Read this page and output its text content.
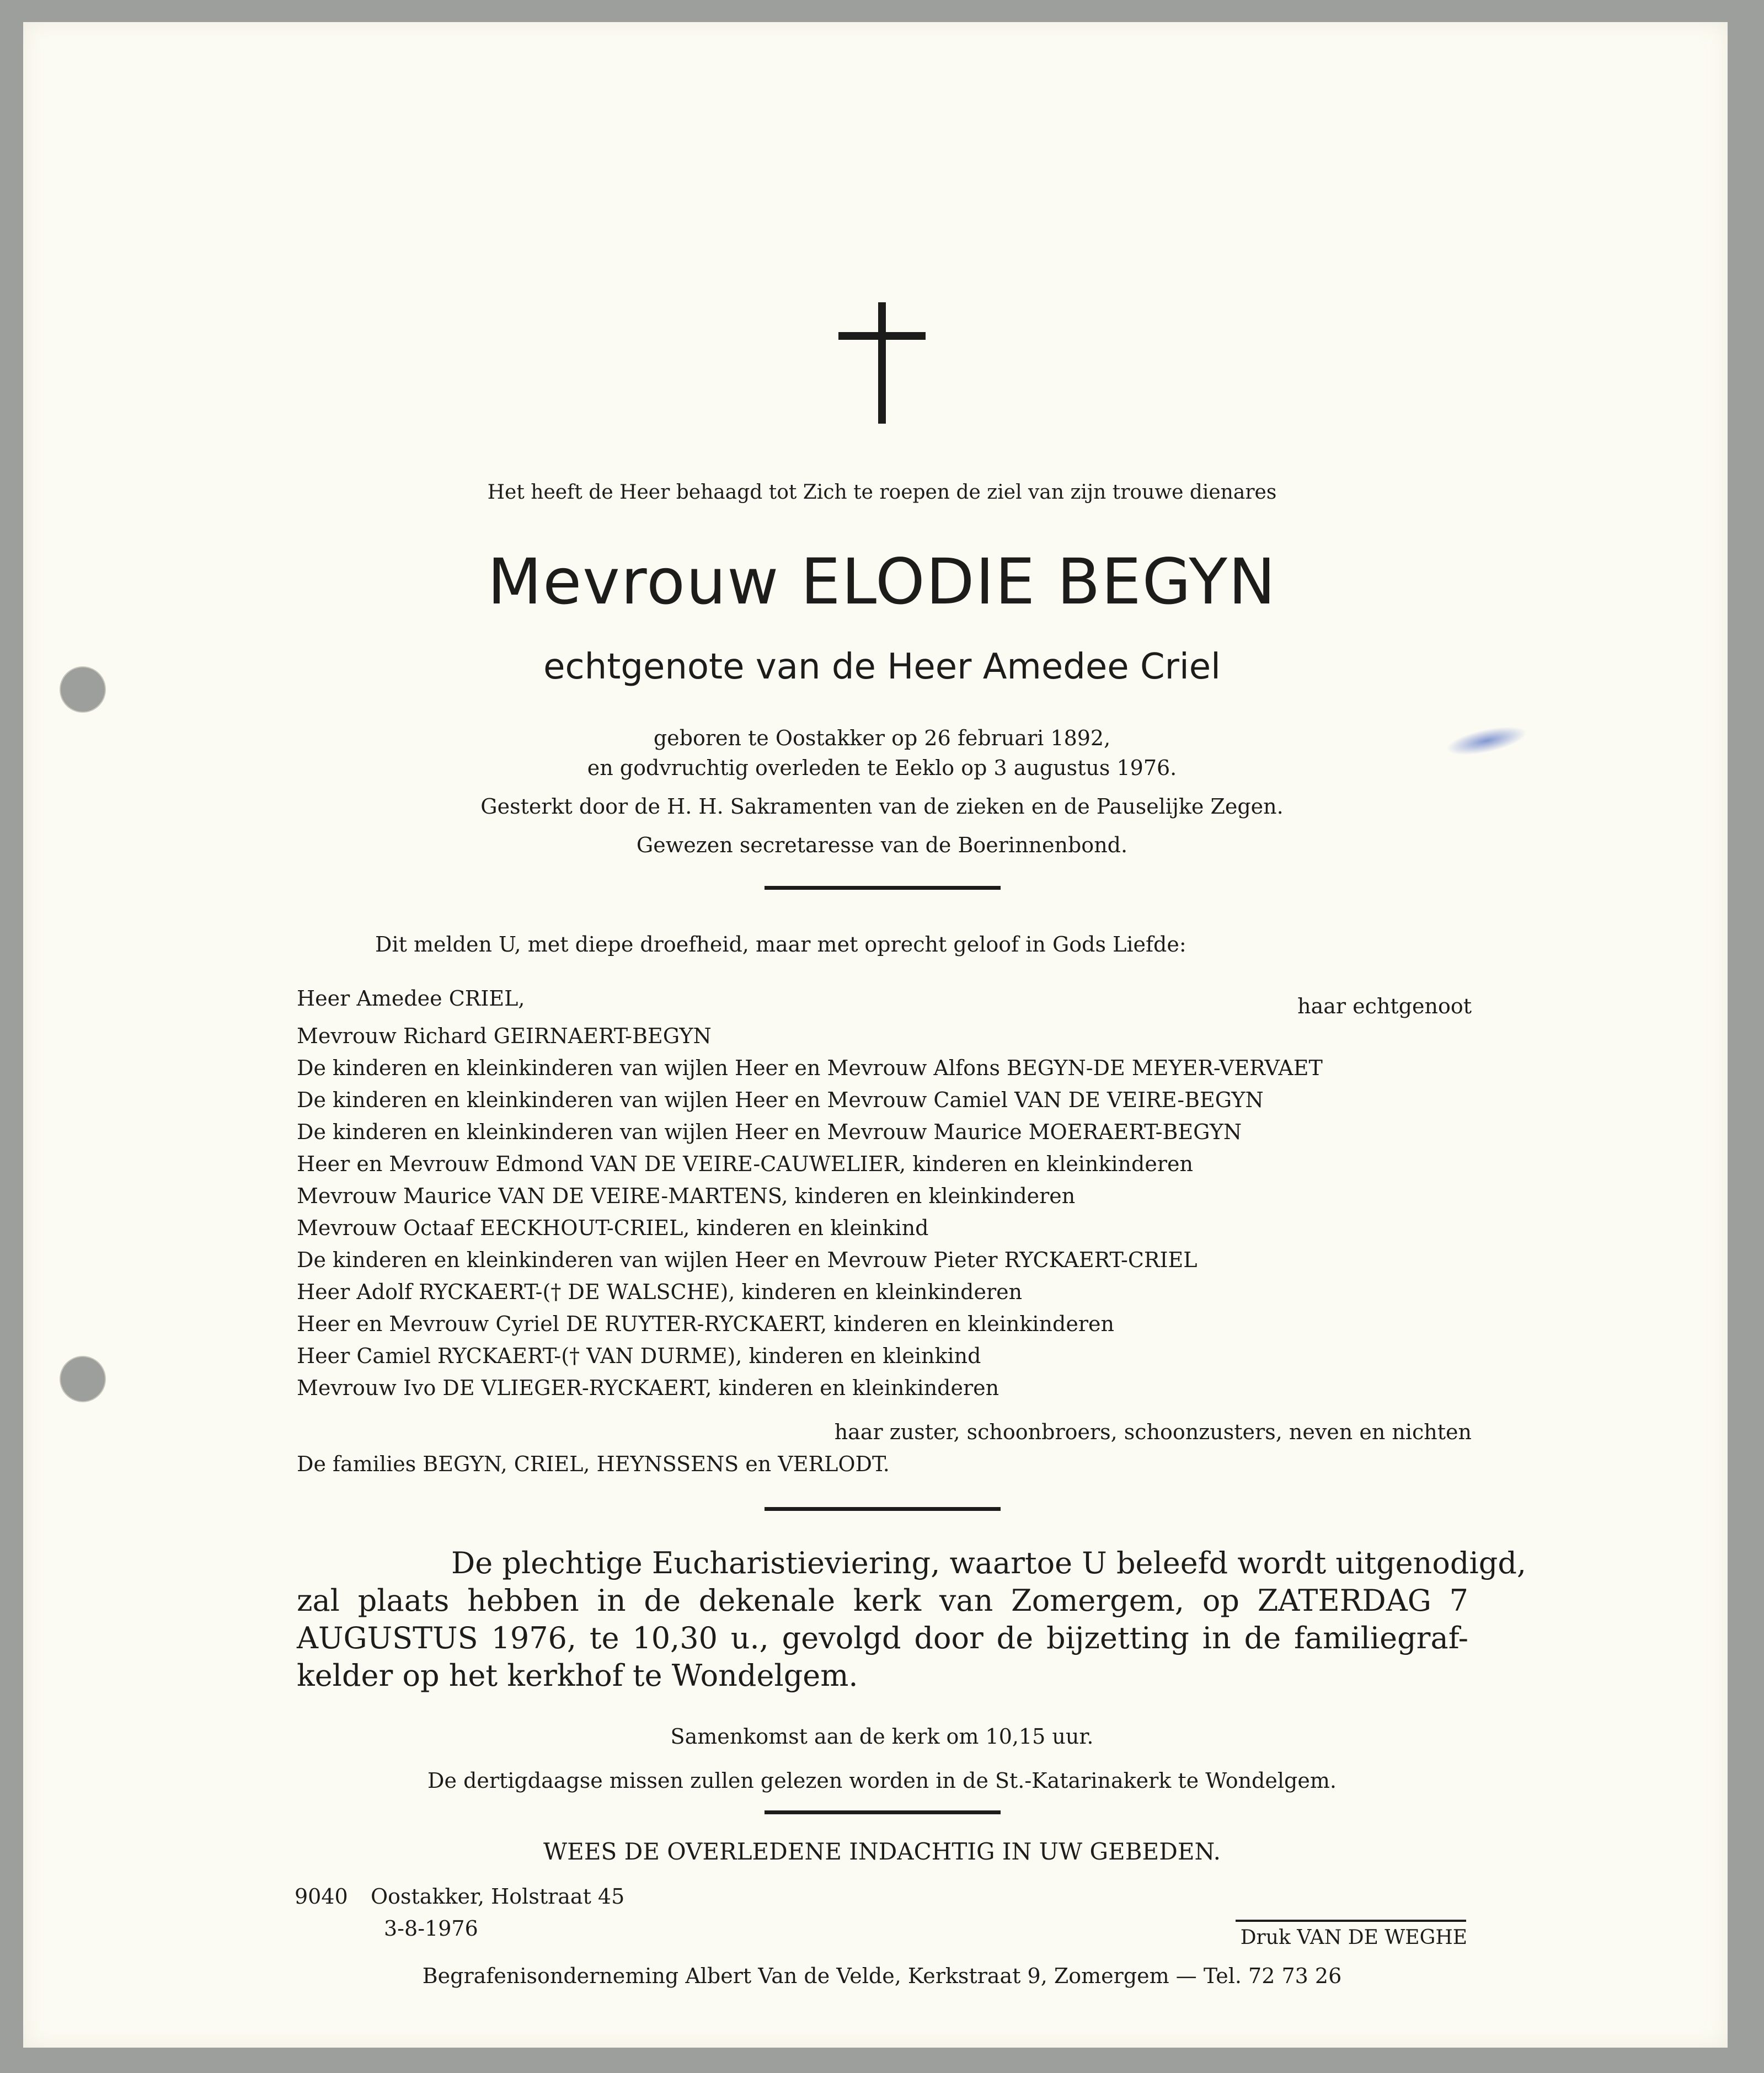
Het heeft de Heer behaagd tot Zich te roepen de ziel van zijn trouwe dienares
Mevrouw ELODIE BEGYN
echtgenote van de Heer Amedee Criel
geboren te Oostakker op 26 februari 1892,
en godvruchtig overleden te Eeklo op 3 augustus 1976.
Gesterkt door de H. H. Sakramenten van de zieken en de Pauselijke Zegen.
Gewezen secretaresse van de Boerinnenbond.
Dit melden U, met diepe droefheid, maar met oprecht geloof in Gods Liefde:
Heer Amedee CRIEL,	haar echtgenoot
Mevrouw Richard GEIRNAERT-BEGYN
De kinderen en kleinkinderen van wijlen Heer en Mevrouw Alfons BEGYN-DE MEYER-VERVAET
De kinderen en kleinkinderen van wijlen Heer en Mevrouw Camiel VAN DE VEIRE-BEGYN
De kinderen en kleinkinderen van wijlen Heer en Mevrouw Maurice MOERAERT-BEGYN
Heer en Mevrouw Edmond VAN DE VEIRE-CAUWELIER, kinderen en kleinkinderen
Mevrouw Maurice VAN DE VEIRE-MARTENS, kinderen en kleinkinderen
Mevrouw Octaaf EECKHOUT-CRIEL, kinderen en kleinkind
De kinderen en kleinkinderen van wijlen Heer en Mevrouw Pieter RYCKAERT-CRIEL
Heer Adolf RYCKAERT-(† DE WALSCHE), kinderen en kleinkinderen
Heer en Mevrouw Cyriel DE RUYTER-RYCKAERT, kinderen en kleinkinderen
Heer Camiel RYCKAERT-(† VAN DURME), kinderen en kleinkind
Mevrouw Ivo DE VLIEGER-RYCKAERT, kinderen en kleinkinderen
haar zuster, schoonbroers, schoonzusters, neven en nichten
De families BEGYN, CRIEL, HEYNSSENS en VERLODT.
De plechtige Eucharistieviering, waartoe U beleefd wordt uitgenodigd,
zal plaats hebben in de dekenale kerk van Zomergem, op ZATERDAG 7
AUGUSTUS 1976, te 10,30 u., gevolgd door de bijzetting in de familiegraf-
kelder op het kerkhof te Wondelgem.
Samenkomst aan de kerk om 10,15 uur.
De dertigdaagse missen zullen gelezen worden in de St.-Katarinakerk te Wondelgem.
WEES DE OVERLEDENE INDACHTIG IN UW GEBEDEN.
9040 Oostakker, Holstraat 45
3-8-1976	Druk VAN DE WEGHE
Begrafenisonderneming Albert Van de Velde, Kerkstraat 9, Zomergem — Tel. 72 73 26
